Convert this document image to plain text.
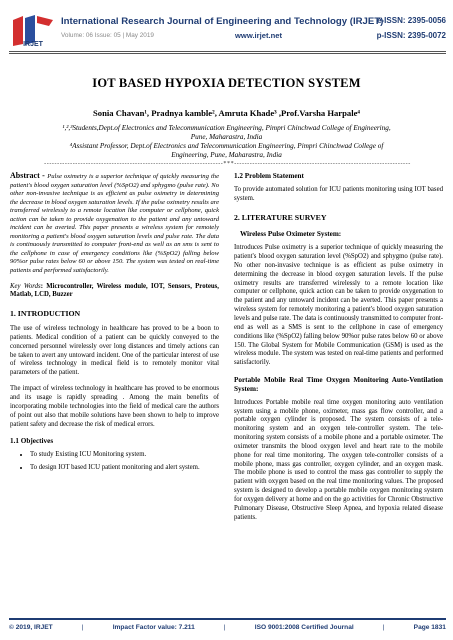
IRJET
International Research Journal of Engineering and Technology (IRJET)
e-ISSN: 2395-0056
Volume: 06 Issue: 05 | May 2019	www.irjet.net	p-ISSN: 2395-0072
IOT BASED HYPOXIA DETECTION SYSTEM
Sonia Chavan¹, Pradnya kamble², Amruta Khade³ ,Prof.Varsha Harpale⁴
¹,²,³Students,Dept.of Electronics and Telecommunication Engineering, Pimpri Chinchwad College of Engineering,
Pune, Maharastra, India
⁴Assistant Professor, Dept.of Electronics and Telecommunication Engineering, Pimpri Chinchwad College of
Engineering, Pune, Maharastra, India
---------------------------------------------------------------------***--------------------------------------------------------------------
Abstract - Pulse oximetry is a superior technique of quickly measuring the patient's blood oxygen saturation level (%SpO2) and sphygmo (pulse rate). No other non-invasive technique is as efficient as pulse oximetry in determining the decrease in blood oxygen saturation levels. If the pulse oximetry results are transferred wirelessly to a remote location like computer or cellphone, quick action can be taken to provide oxygenation to the patient and any untoward incident can be averted. This paper presents a wireless system for remotely monitoring a patient's blood oxygen saturation levels and pulse rate. The data is continuously transmitted to computer front-end as well as an sms is sent to the cellphone in case of emergency conditions like (%SpO2) falling below 90%or pulse rates below 60 or above 150. The system was tested on real-time patients and performed satisfactorily.
Key Words: Microcontroller, Wireless module, IOT, Sensors, Proteus, Matlab, LCD, Buzzer
1. INTRODUCTION

The use of wireless technology in healthcare has proved to be a boon to patients. Medical condition of a patient can be quickly conveyed to the concerned personnel wirelessly over long distances and timely actions can be taken to avert any untoward incident. One of the particular interest of use of wireless technology in medical field is to remotely monitor vital parameters of the patient.

The impact of wireless technology in healthcare has proved to be enormous and its usage is rapidly spreading . Among the main benefits of incorporating mobile technologies into the field of medical care the authors of point out also that mobile solutions have been shown to help to improve patient safety and decrease the risk of medical errors.

1.1 Objectives
• To study Existing ICU Monitoring system.
• To design IOT based ICU patient monitoring and alert system.
1.2 Problem Statement

To provide automated solution for ICU patients monitoring using IOT based system.

2. LITERATURE SURVEY
Wireless Pulse Oximeter System:

Introduces Pulse oximetry is a superior technique of quickly measuring the patient's blood oxygen saturation level (%SpO2) and sphygmo (pulse rate). No other non-invasive technique is as efficient as pulse oximetry in determining the decrease in blood oxygen saturation levels. If the pulse oximetry results are transferred wirelessly to a remote location like computer or cellphone, quick action can be taken to provide oxygenation to the patient and any untoward incident can be averted. This paper presents a wireless system for remotely monitoring a patient's blood oxygen saturation levels and pulse rate. The data is continuously transmitted to computer front-end as well as a SMS is sent to the cellphone in case of emergency conditions like (%SpO2) falling below 90%or pulse rates below 60 or above 150. The Global System for Mobile Communication (GSM) is used as the wireless module. The system was tested on real-time patients and performed satisfactorily.

Portable Mobile Real Time Oxygen Monitoring Auto-Ventilation System:

Introduces Portable mobile real time oxygen monitoring auto ventilation system using a mobile phone, oximeter, mass gas flow controller, and a portable oxygen cylinder is proposed. The system consists of a tele-monitoring system and an oxygen tele-controller system. The tele-monitoring system consists of a mobile phone and a portable oximeter. The oximeter transmits the blood oxygen level and heart rate to the mobile phone for real time monitoring. The oxygen tele-controller consists of a mobile phone, mass gas controller, oxygen cylinder, and an oxygen mask. The mobile phone is used to control the mass gas controller to supply the patient with oxygen based on the real time monitoring values. The proposed system is designed to develop a portable mobile oxygen monitoring system for oxygen delivery at home and on the go activities for Chronic Obstructive Pulmonary Disease, Obstructive Sleep Apnea, and hypoxia related disease patients.

© 2019, IRJET	|	Impact Factor value: 7.211	|	ISO 9001:2008 Certified Journal	|	Page 1831
